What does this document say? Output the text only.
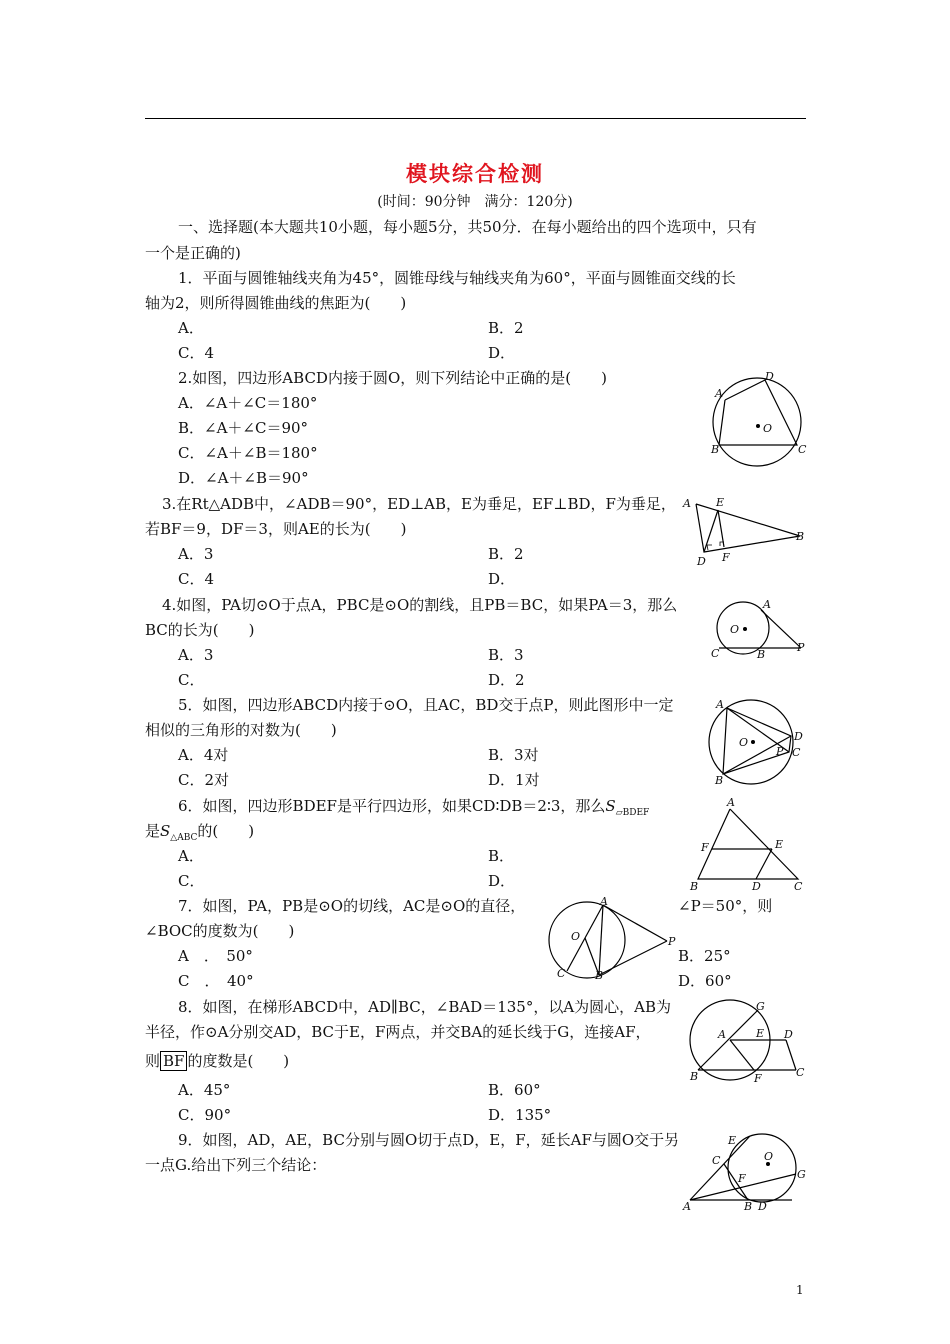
模块综合检测
(时间：90分钟　满分：120分)
一、选择题(本大题共10小题，每小题5分，共50分．在每小题给出的四个选项中，只有
一个是正确的)
1．平面与圆锥轴线夹角为45°，圆锥母线与轴线夹角为60°，平面与圆锥面交线的长
轴为2，则所得圆锥曲线的焦距为(　　)
A．	B．2
C．4	D．
2.如图，四边形ABCD内接于圆O，则下列结论中正确的是(　　)
A．∠A＋∠C＝180°
B．∠A＋∠C＝90°
C．∠A＋∠B＝180°
D．∠A＋∠B＝90°
A
D
O
B	C
3.在Rt△ADB中，∠ADB＝90°，ED⊥AB，E为垂足，EF⊥BD，F为垂足，
若BF＝9，DF＝3，则AE的长为(　　)
A．3	B．2
C．4	D．
A E
B
D F
4.如图，PA切⊙O于点A，PBC是⊙O的割线，且PB＝BC，如果PA＝3，那么
BC的长为(　　)
A．3	B．3
C．	D．2
A
O
C	B
P
5．如图，四边形ABCD内接于⊙O，且AC，BD交于点P，则此图形中一定
相似的三角形的对数为(　　)
A．4对	B．3对
C．2对	D．1对
A
O	D
P C
B
6．如图，四边形BDEF是平行四边形，如果CD∶DB＝2∶3，那么$S_{▱BDEF}$
是$S_{\triangle ABC}$的(　　)
A．	B．
C．	D．
A
F	E
B	D	C
7．如图，PA，PB是⊙O的切线，AC是⊙O的直径，	∠P＝50°，则
∠BOC的度数为(　　)
A　．　50°	B．25°
C　．　40°	D．60°
A
O	P
C	B
8．如图，在梯形ABCD中，AD∥BC，∠BAD＝135°，以A为圆心，AB为
半径，作⊙A分别交AD，BC于E，F两点，并交BA的延长线于G，连接AF，
则 BF 的度数是(　　)
A．45°	B．60°
C．90°	D．135°
G
E
A	D
B	F	C
9．如图，AD，AE，BC分别与圆O切于点D，E，F，延长AF与圆O交于另
一点G.给出下列三个结论：
E
C	O
F	G
A	B D
1
